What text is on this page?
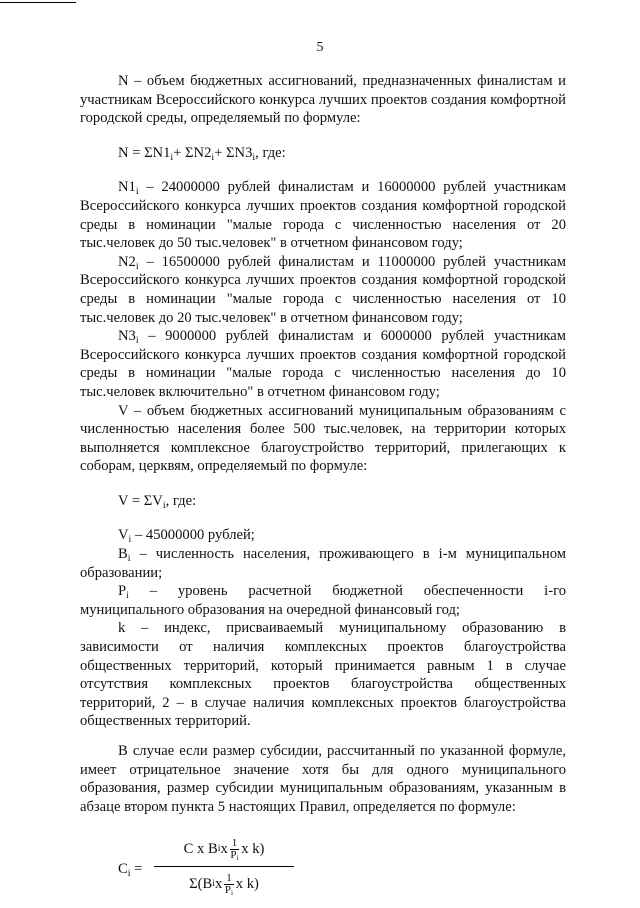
5

N – объем бюджетных ассигнований, предназначенных финалистам и участникам Всероссийского конкурса лучших проектов создания комфортной городской среды, определяемый по формуле:

$N = \Sigma N1_i+ \Sigma N2_i+ \Sigma N3_i$, где:

$N1_i - 24000000$ рублей финалистам и 16000000 рублей участникам Всероссийского конкурса лучших проектов создания комфортной городской среды в номинации "малые города с численностью населения от 20 тыс.человек до 50 тыс.человек" в отчетном финансовом году;

$N2_i - 16500000$ рублей финалистам и 11000000 рублей участникам Всероссийского конкурса лучших проектов создания комфортной городской среды в номинации "малые города с численностью населения от 10 тыс.человек до 20 тыс.человек" в отчетном финансовом году;

$N3_i - 9000000$ рублей финалистам и 6000000 рублей участникам Всероссийского конкурса лучших проектов создания комфортной городской среды в номинации "малые города с численностью населения до 10 тыс.человек включительно" в отчетном финансовом году;

V – объем бюджетных ассигнований муниципальным образованиям с численностью населения более 500 тыс.человек, на территории которых выполняется комплексное благоустройство территорий, прилегающих к соборам, церквям, определяемый по формуле:

$V = \Sigma V_i$, где:

$V_i - 45000000$ рублей;

$B_i$ – численность населения, проживающего в i-м муниципальном образовании;

$P_i$ – уровень расчетной бюджетной обеспеченности i-го муниципального образования на очередной финансовый год;

k – индекс, присваиваемый муниципальному образованию в зависимости от наличия комплексных проектов благоустройства общественных территорий, который принимается равным 1 в случае отсутствия комплексных проектов благоустройства общественных территорий, 2 – в случае наличия комплексных проектов благоустройства общественных территорий.

В случае если размер субсидии, рассчитанный по указанной формуле, имеет отрицательное значение хотя бы для одного муниципального образования, размер субсидии муниципальным образованиям, указанным в абзаце втором пункта 5 настоящих Правил, определяется по формуле:

$C_i$ =
C x B i x 1
$P_i$
x k)
Σ(B i x 1
$P_i$
x k)
